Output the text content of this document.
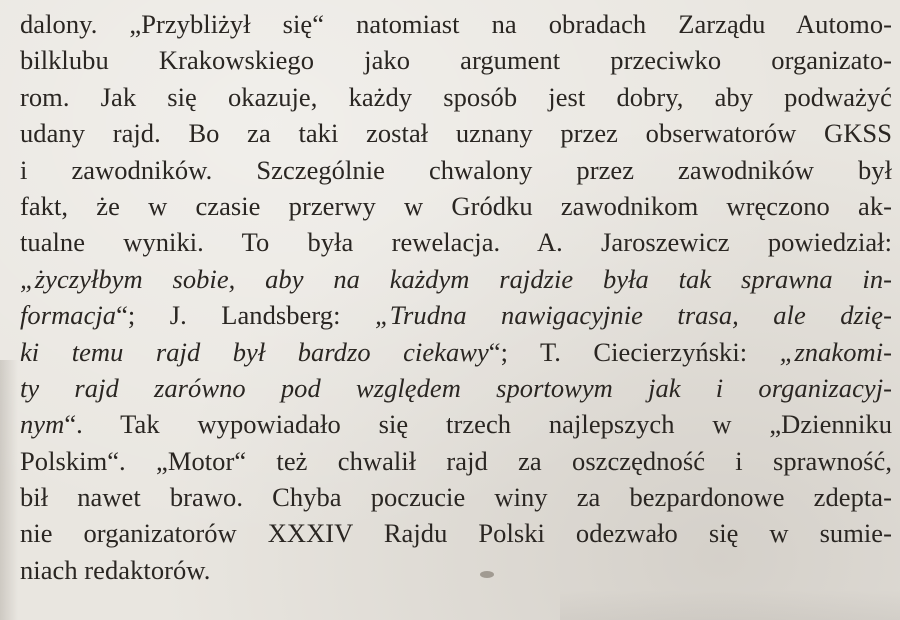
dalony. „Przybliżył się“ natomiast na obradach Zarządu Automo-
bilklubu Krakowskiego jako argument przeciwko organizato-
rom. Jak się okazuje, każdy sposób jest dobry, aby podważyć
udany rajd. Bo za taki został uznany przez obserwatorów GKSS
i zawodników. Szczególnie chwalony przez zawodników był
fakt, że w czasie przerwy w Gródku zawodnikom wręczono ak-
tualne wyniki. To była rewelacja. A. Jaroszewicz powiedział:
„życzyłbym sobie, aby na każdym rajdzie była tak sprawna in-
formacja“; J. Landsberg: „Trudna nawigacyjnie trasa, ale dzię-
ki temu rajd był bardzo ciekawy“; T. Ciecierzyński: „znakomi-
ty rajd zarówno pod względem sportowym jak i organizacyj-
nym“. Tak wypowiadało się trzech najlepszych w „Dzienniku
Polskim“. „Motor“ też chwalił rajd za oszczędność i sprawność,
bił nawet brawo. Chyba poczucie winy za bezpardonowe zdepta-
nie organizatorów XXXIV Rajdu Polski odezwało się w sumie-
niach redaktorów.
